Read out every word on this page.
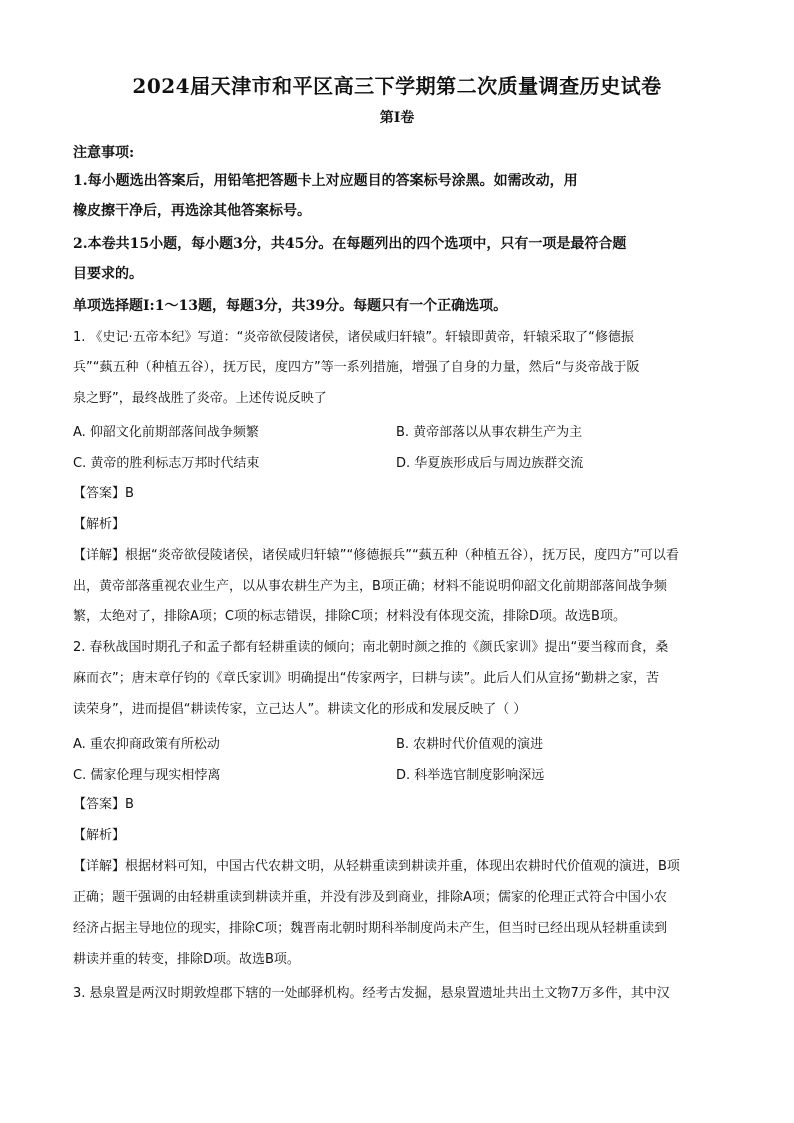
2024届天津市和平区高三下学期第二次质量调查历史试卷
第Ⅰ卷
注意事项:
1.每小题选出答案后，用铅笔把答题卡上对应题目的答案标号涂黑。如需改动，用
橡皮擦干净后，再选涂其他答案标号。
2.本卷共15小题，每小题3分，共45分。在每题列出的四个选项中，只有一项是最符合题
目要求的。
单项选择题Ⅰ:1～13题，每题3分，共39分。每题只有一个正确选项。
1. 《史记·五帝本纪》写道：“炎帝欲侵陵诸侯，诸侯咸归轩辕”。轩辕即黄帝，轩辕采取了“修德振
兵”“蓺五种（种植五谷），抚万民，度四方”等一系列措施，增强了自身的力量，然后“与炎帝战于阪
泉之野”，最终战胜了炎帝。上述传说反映了
A. 仰韶文化前期部落间战争频繁	B. 黄帝部落以从事农耕生产为主
C. 黄帝的胜利标志万邦时代结束	D. 华夏族形成后与周边族群交流
【答案】B
【解析】
【详解】根据“炎帝欲侵陵诸侯，诸侯咸归轩辕”“修德振兵”“蓺五种（种植五谷），抚万民，度四方”可以看
出，黄帝部落重视农业生产，以从事农耕生产为主，B项正确；材料不能说明仰韶文化前期部落间战争频
繁，太绝对了，排除A项；C项的标志错误，排除C项；材料没有体现交流，排除D项。故选B项。
2. 春秋战国时期孔子和孟子都有轻耕重读的倾向；南北朝时颜之推的《颜氏家训》提出“要当稼而食，桑
麻而衣”；唐末章仔钧的《章氏家训》明确提出“传家两字，曰耕与读”。此后人们从宣扬“勤耕之家，苦
读荣身”，进而提倡“耕读传家，立己达人”。耕读文化的形成和发展反映了（ ）
A. 重农抑商政策有所松动	B. 农耕时代价值观的演进
C. 儒家伦理与现实相悖离	D. 科举选官制度影响深远
【答案】B
【解析】
【详解】根据材料可知，中国古代农耕文明，从轻耕重读到耕读并重，体现出农耕时代价值观的演进，B项
正确；题干强调的由轻耕重读到耕读并重，并没有涉及到商业，排除A项；儒家的伦理正式符合中国小农
经济占据主导地位的现实，排除C项；魏晋南北朝时期科举制度尚未产生，但当时已经出现从轻耕重读到
耕读并重的转变，排除D项。故选B项。
3. 悬泉置是两汉时期敦煌郡下辖的一处邮驿机构。经考古发掘，悬泉置遗址共出土文物7万多件，其中汉
